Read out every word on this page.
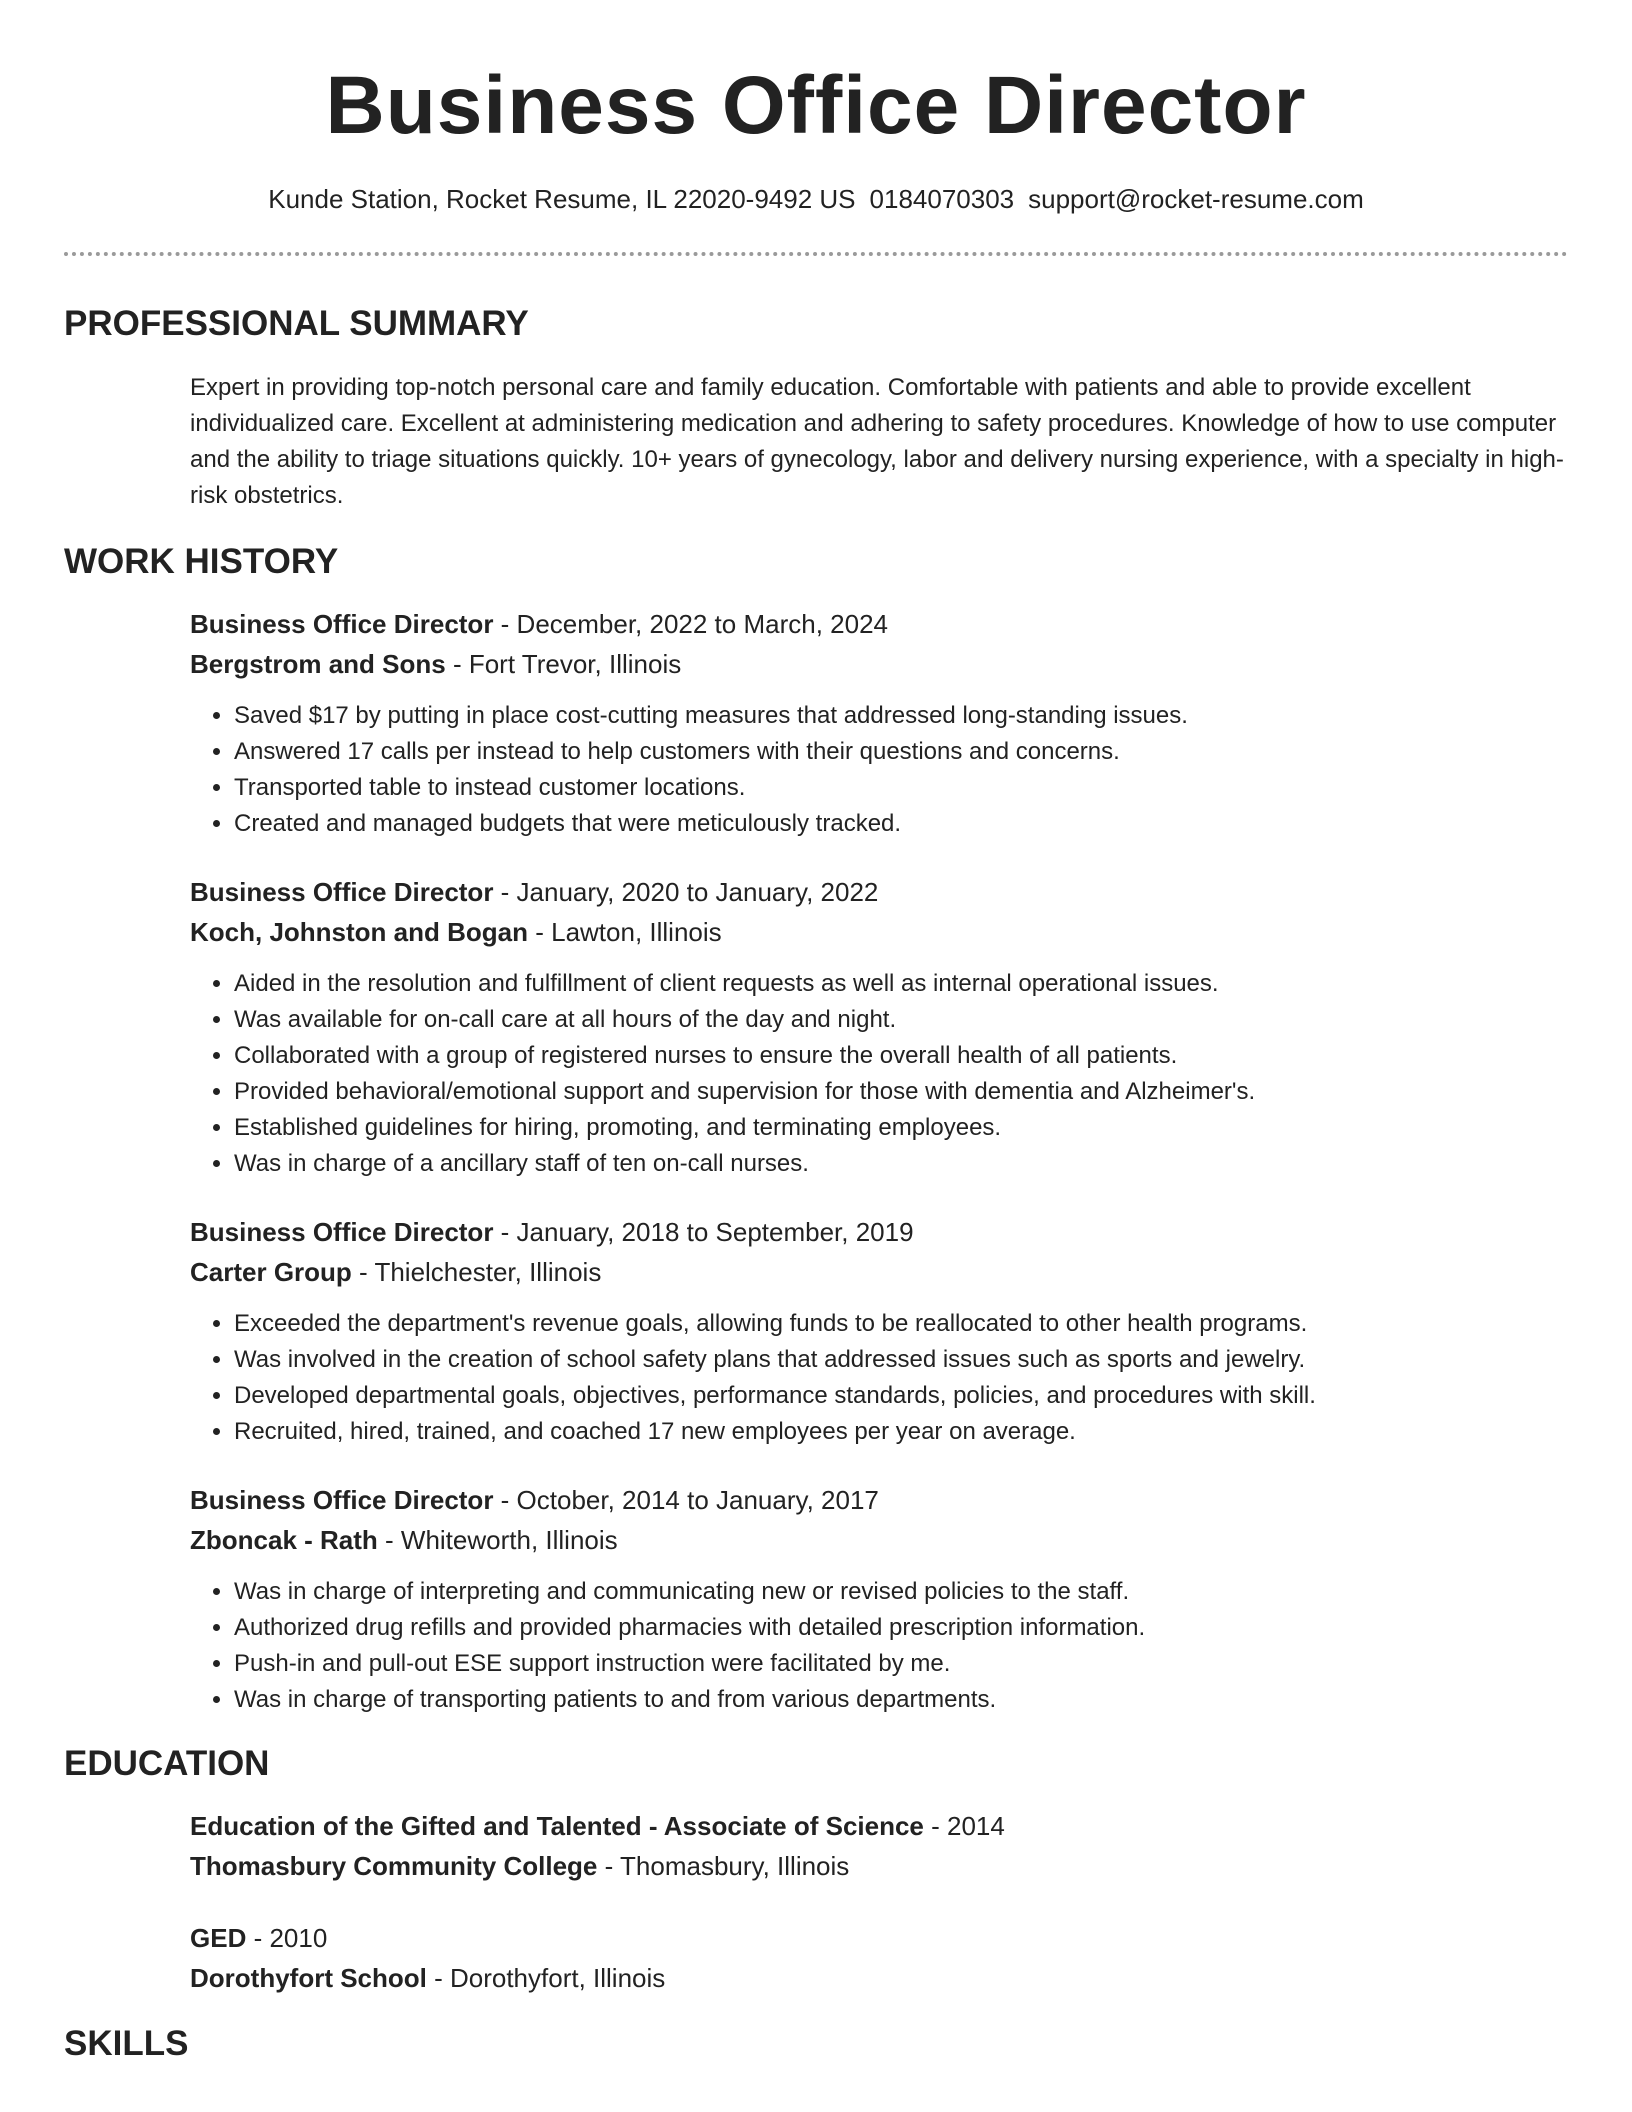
Business Office Director
Kunde Station, Rocket Resume, IL 22020-9492 US 0184070303 support@rocket-resume.com
PROFESSIONAL SUMMARY

Expert in providing top-notch personal care and family education. Comfortable with patients and able to provide excellent individualized care. Excellent at administering medication and adhering to safety procedures. Knowledge of how to use computer and the ability to triage situations quickly. 10+ years of gynecology, labor and delivery nursing experience, with a specialty in high-risk obstetrics.

WORK HISTORY
Business Office Director - December, 2022 to March, 2024
Bergstrom and Sons - Fort Trevor, Illinois
• Saved $17 by putting in place cost-cutting measures that addressed long-standing issues.
• Answered 17 calls per instead to help customers with their questions and concerns.
• Transported table to instead customer locations.
• Created and managed budgets that were meticulously tracked.
Business Office Director - January, 2020 to January, 2022
Koch, Johnston and Bogan - Lawton, Illinois
• Aided in the resolution and fulfillment of client requests as well as internal operational issues.
• Was available for on-call care at all hours of the day and night.
• Collaborated with a group of registered nurses to ensure the overall health of all patients.
• Provided behavioral/emotional support and supervision for those with dementia and Alzheimer's.
• Established guidelines for hiring, promoting, and terminating employees.
• Was in charge of a ancillary staff of ten on-call nurses.
Business Office Director - January, 2018 to September, 2019
Carter Group - Thielchester, Illinois
• Exceeded the department's revenue goals, allowing funds to be reallocated to other health programs.
• Was involved in the creation of school safety plans that addressed issues such as sports and jewelry.
• Developed departmental goals, objectives, performance standards, policies, and procedures with skill.
• Recruited, hired, trained, and coached 17 new employees per year on average.
Business Office Director - October, 2014 to January, 2017
Zboncak - Rath - Whiteworth, Illinois
• Was in charge of interpreting and communicating new or revised policies to the staff.
• Authorized drug refills and provided pharmacies with detailed prescription information.
• Push-in and pull-out ESE support instruction were facilitated by me.
• Was in charge of transporting patients to and from various departments.
EDUCATION
Education of the Gifted and Talented - Associate of Science - 2014
Thomasbury Community College - Thomasbury, Illinois
GED - 2010
Dorothyfort School - Dorothyfort, Illinois
SKILLS
